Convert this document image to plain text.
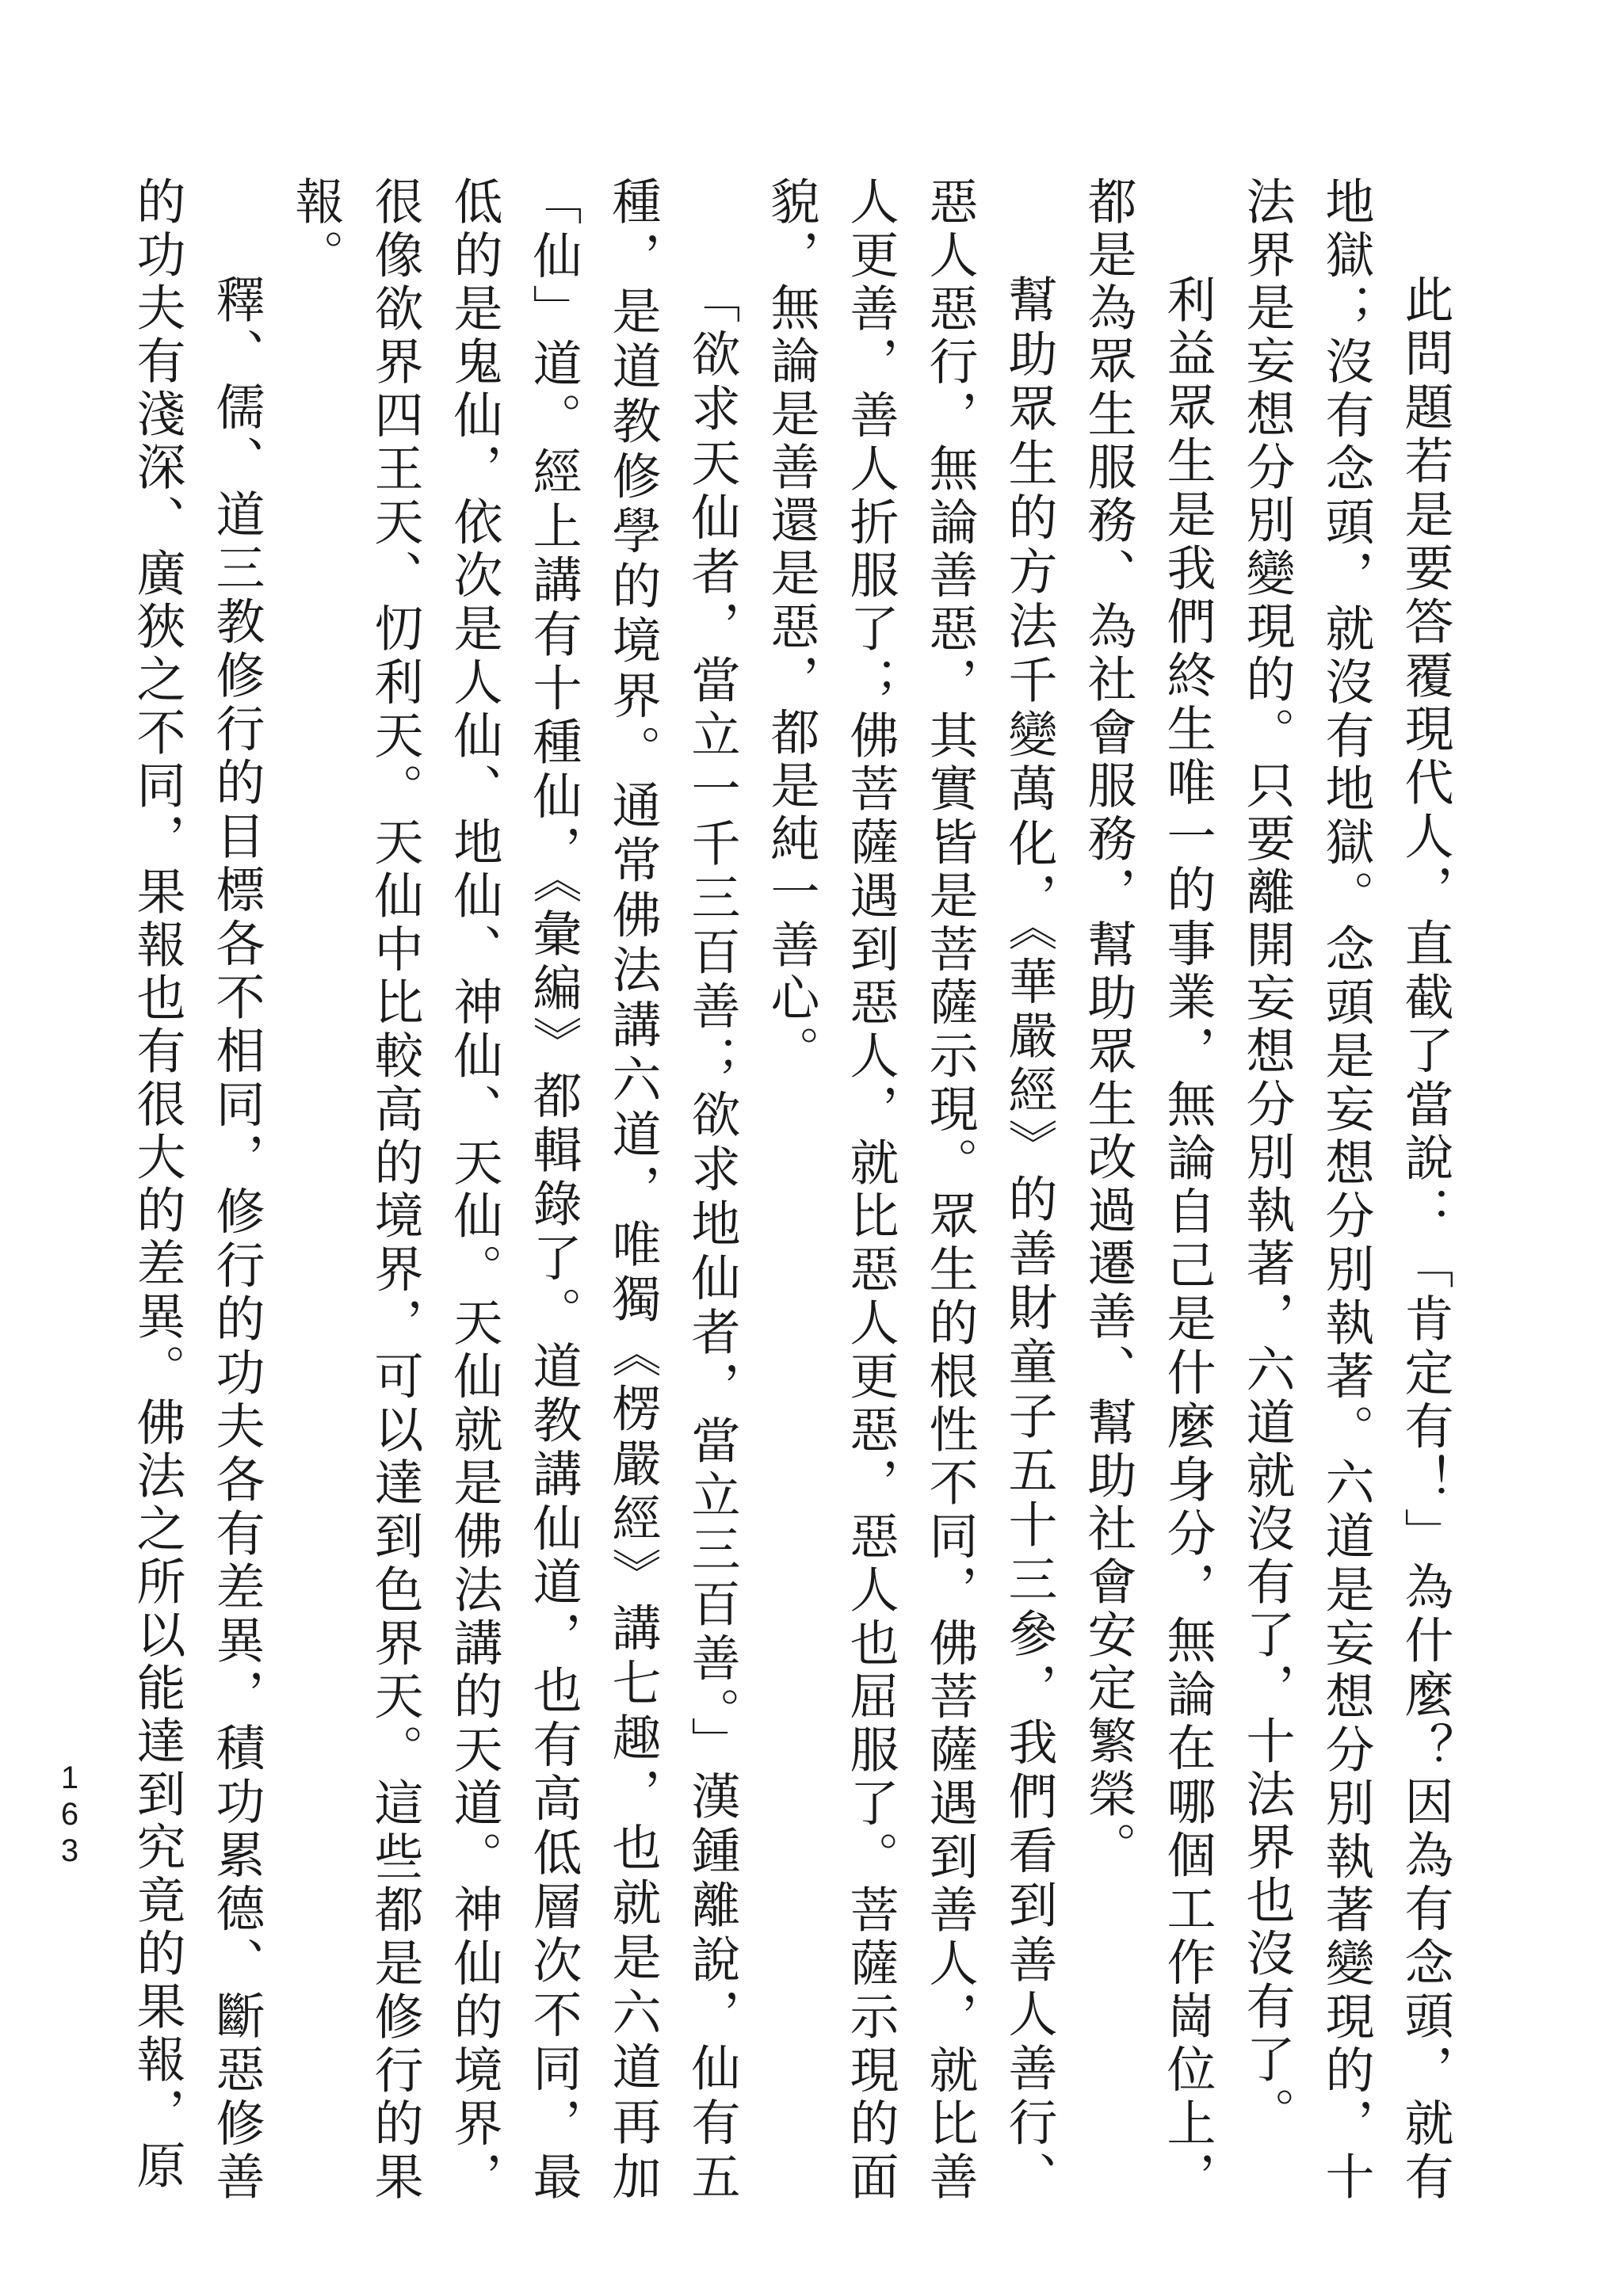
此問題若是要答覆現代人，直截了當說：「肯定有！」為什麼？因為有念頭，就有地獄；沒有念頭，就沒有地獄。念頭是妄想分別執著。六道是妄想分別執著變現的，十法界是妄想分別變現的。只要離開妄想分別執著，六道就沒有了，十法界也沒有了。

利益眾生是我們終生唯一的事業，無論自己是什麼身分，無論在哪個工作崗位上，都是為眾生服務、為社會服務，幫助眾生改過遷善、幫助社會安定繁榮。

幫助眾生的方法千變萬化，《華嚴經》的善財童子五十三參，我們看到善人善行、惡人惡行，無論善惡，其實皆是菩薩示現。眾生的根性不同，佛菩薩遇到善人，就比善人更善，善人折服了；佛菩薩遇到惡人，就比惡人更惡，惡人也屈服了。菩薩示現的面貌，無論是善還是惡，都是純一善心。

「欲求天仙者，當立一千三百善；欲求地仙者，當立三百善。」漢鍾離說，仙有五種，是道教修學的境界。通常佛法講六道，唯獨《楞嚴經》講七趣，也就是六道再加「仙」道。經上講有十種仙，《彙編》都輯錄了。道教講仙道，也有高低層次不同，最低的是鬼仙，依次是人仙、地仙、神仙、天仙。天仙就是佛法講的天道。神仙的境界，很像欲界四王天、忉利天。天仙中比較高的境界，可以達到色界天。這些都是修行的果報。

釋、儒、道三教修行的目標各不相同，修行的功夫各有差異，積功累德、斷惡修善的功夫有淺深、廣狹之不同，果報也有很大的差異。佛法之所以能達到究竟的果報，原

163
